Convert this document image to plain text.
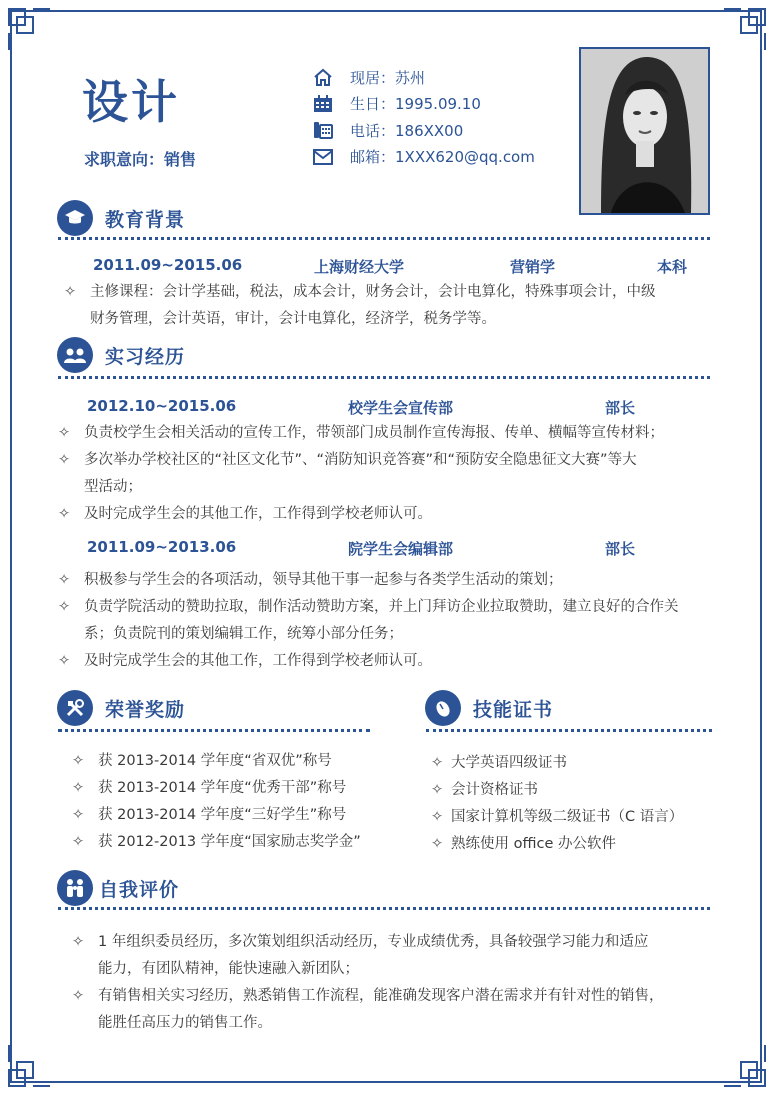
设计
求职意向：销售
现居：苏州
生日：1995.09.10
电话：186XX00
邮箱：1XXX620@qq.com
教育背景
2011.09~2015.06	上海财经大学	营销学	本科
✧ 主修课程：会计学基础，税法，成本会计，财务会计，会计电算化，特殊事项会计，中级
财务管理，会计英语，审计，会计电算化，经济学，税务学等。
实习经历
2012.10~2015.06	校学生会宣传部	部长
✧ 负责校学生会相关活动的宣传工作，带领部门成员制作宣传海报、传单、横幅等宣传材料；
✧ 多次举办学校社区的“社区文化节”、“消防知识竞答赛”和“预防安全隐患征文大赛”等大
型活动；
✧ 及时完成学生会的其他工作，工作得到学校老师认可。
2011.09~2013.06	院学生会编辑部	部长
✧ 积极参与学生会的各项活动，领导其他干事一起参与各类学生活动的策划；
✧ 负责学院活动的赞助拉取，制作活动赞助方案，并上门拜访企业拉取赞助，建立良好的合作关
系；负责院刊的策划编辑工作，统筹小部分任务；
✧ 及时完成学生会的其他工作，工作得到学校老师认可。
荣誉奖励
✧ 获 2013-2014 学年度“省双优”称号
✧ 获 2013-2014 学年度“优秀干部”称号
✧ 获 2013-2014 学年度“三好学生”称号
✧ 获 2012-2013 学年度“国家励志奖学金”
技能证书
✧ 大学英语四级证书
✧ 会计资格证书
✧ 国家计算机等级二级证书（C 语言）
✧ 熟练使用 office 办公软件
自我评价
✧ 1 年组织委员经历，多次策划组织活动经历，专业成绩优秀，具备较强学习能力和适应
能力，有团队精神，能快速融入新团队；
✧ 有销售相关实习经历，熟悉销售工作流程，能准确发现客户潜在需求并有针对性的销售，
能胜任高压力的销售工作。
